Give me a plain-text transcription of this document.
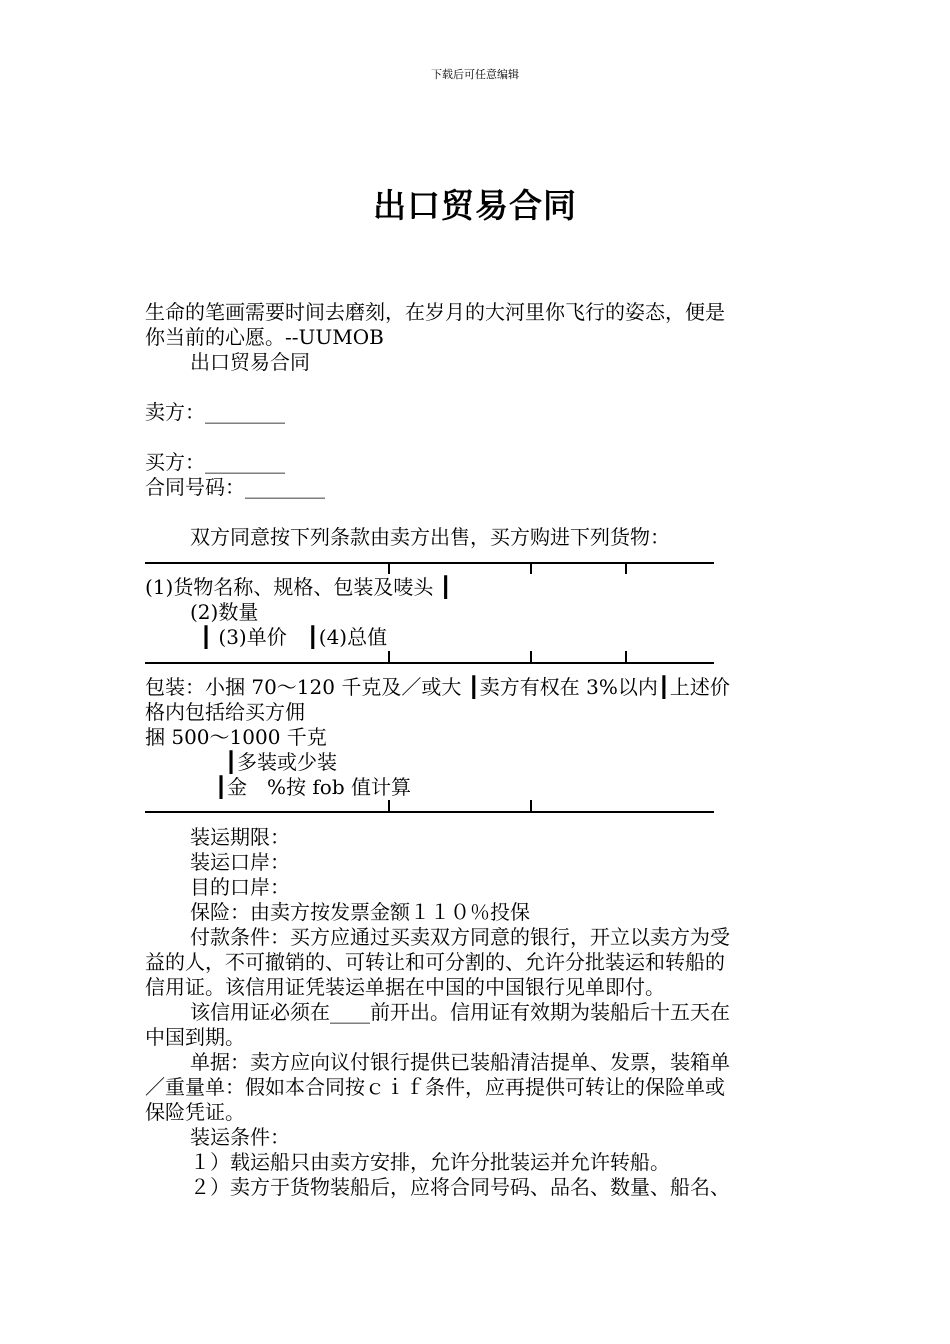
下载后可任意编辑
出口贸易合同
生命的笔画需要时间去磨刻，在岁月的大河里你飞行的姿态，便是
你当前的心愿。--UUMOB
出口贸易合同
卖方：________
买方：________
合同号码：________
双方同意按下列条款由卖方出售，买方购进下列货物：
(1)货物名称、规格、包装及唛头 ┃
(2)数量
┃ (3)单价　┃(4)总值
包装：小捆 70～120 千克及／或大 ┃卖方有权在 3%以内┃上述价
格内包括给买方佣
捆 500～1000 千克
┃多装或少装
┃金　%按 fob 值计算
装运期限：
装运口岸：
目的口岸：
保险：由卖方按发票金额１１０％投保
付款条件：买方应通过买卖双方同意的银行，开立以卖方为受
益的人，不可撤销的、可转让和可分割的、允许分批装运和转船的
信用证。该信用证凭装运单据在中国的中国银行见单即付。
该信用证必须在____前开出。信用证有效期为装船后十五天在
中国到期。
单据：卖方应向议付银行提供已装船清洁提单、发票，装箱单
／重量单：假如本合同按ｃｉｆ条件，应再提供可转让的保险单或
保险凭证。
装运条件：
１）载运船只由卖方安排，允许分批装运并允许转船。
２）卖方于货物装船后，应将合同号码、品名、数量、船名、
